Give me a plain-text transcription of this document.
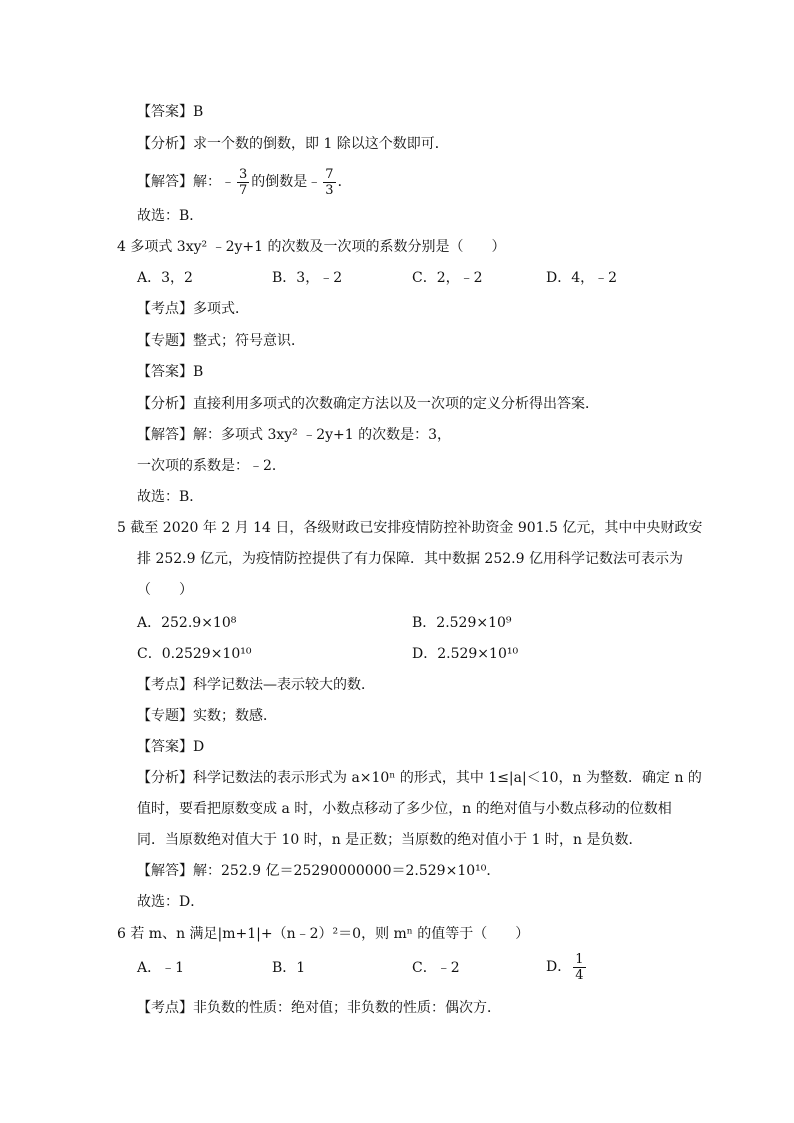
【答案】B
【分析】求一个数的倒数，即 1 除以这个数即可．
【解答】解：﹣ $\frac{3}{7}$ 的倒数是﹣ $\frac{7}{3}$ ．
故选：B．
4 多项式 3xy² ﹣2y+1 的次数及一次项的系数分别是（　　）
A．3，2	B．3，﹣2	C．2，﹣2	D．4，﹣2
【考点】多项式．
【专题】整式；符号意识．
【答案】B
【分析】直接利用多项式的次数确定方法以及一次项的定义分析得出答案．
【解答】解：多项式 3xy² ﹣2y+1 的次数是：3，
一次项的系数是：﹣2．
故选：B．
5 截至 2020 年 2 月 14 日，各级财政已安排疫情防控补助资金 901.5 亿元，其中中央财政安
排 252.9 亿元，为疫情防控提供了有力保障．其中数据 252.9 亿用科学记数法可表示为
（　　）
A．252.9×10⁸	B．2.529×10⁹
C．0.2529×10¹⁰	D．2.529×10¹⁰
【考点】科学记数法—表示较大的数．
【专题】实数；数感．
【答案】D
【分析】科学记数法的表示形式为 a×10ⁿ 的形式，其中 1≤|a|＜10，n 为整数．确定 n 的
值时，要看把原数变成 a 时，小数点移动了多少位，n 的绝对值与小数点移动的位数相
同．当原数绝对值大于 10 时，n 是正数；当原数的绝对值小于 1 时，n 是负数．
【解答】解：252.9 亿＝25290000000＝2.529×10¹⁰．
故选：D．
6 若 m、n 满足|m+1|+（n﹣2）²＝0，则 mⁿ 的值等于（　　）
A．﹣1	B．1	C．﹣2	D． $\frac{1}{4}$
【考点】非负数的性质：绝对值；非负数的性质：偶次方．
